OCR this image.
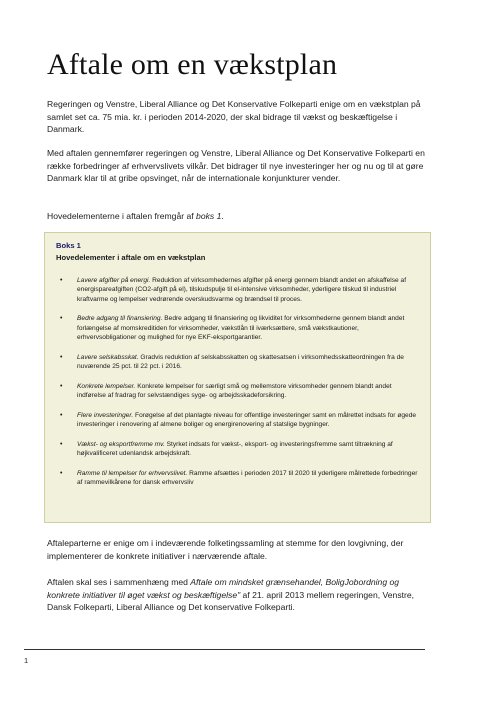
Aftale om en vækstplan

Regeringen og Venstre, Liberal Alliance og Det Konservative Folkeparti enige om en vækstplan på samlet set ca. 75 mia. kr. i perioden 2014-2020, der skal bidrage til vækst og beskæftigelse i Danmark.

Med aftalen gennemfører regeringen og Venstre, Liberal Alliance og Det Konservative Folkeparti en række forbedringer af erhvervslivets vilkår. Det bidrager til nye investeringer her og nu og til at gøre Danmark klar til at gribe opsvinget, når de internationale konjunkturer vender.

Hovedelementerne i aftalen fremgår af boks 1.

Boks 1
Hovedelementer i aftale om en vækstplan
• Lavere afgifter på energi. Reduktion af virksomhedernes afgifter på energi gennem blandt andet en afskaffelse af energispareafgiften (CO2-afgift på el), tilskudspulje til el-intensive virksomheder, yderligere tilskud til industriel kraftvarme og lempelser vedrørende overskudsvarme og brændsel til proces.
• Bedre adgang til finansiering. Bedre adgang til finansiering og likviditet for virksomhederne gennem blandt andet forlængelse af momskreditiden for virksomheder, vækstlån til iværksættere, små vækstkautioner, erhvervsobligationer og mulighed for nye EKF-eksportgarantier.
• Lavere selskabsskat. Gradvis reduktion af selskabsskatten og skattesatsen i virksomhedsskatteordningen fra de nuværende 25 pct. til 22 pct. i 2016.
• Konkrete lempelser. Konkrete lempelser for særligt små og mellemstore virksomheder gennem blandt andet indførelse af fradrag for selvstændiges syge- og arbejdsskadeforsikring.
• Flere investeringer. Forøgelse af det planlagte niveau for offentlige investeringer samt en målrettet indsats for øgede investeringer i renovering af almene boliger og energirenovering af statslige bygninger.
• Vækst- og eksportfremme mv. Styrket indsats for vækst-, eksport- og investeringsfremme samt tiltrækning af højkvalificeret udenlandsk arbejdskraft.
• Ramme til lempelser for erhvervslivet. Ramme afsættes i perioden 2017 til 2020 til yderligere målrettede forbedringer af rammevilkårene for dansk erhvervsliv

Aftaleparterne er enige om i indeværende folketingssamling at stemme for den lovgivning, der implementerer de konkrete initiativer i nærværende aftale.

Aftalen skal ses i sammenhæng med Aftale om mindsket grænsehandel, BoligJobordning og konkrete initiativer til øget vækst og beskæftigelse" af 21. april 2013 mellem regeringen, Venstre, Dansk Folkeparti, Liberal Alliance og Det konservative Folkeparti.

1
